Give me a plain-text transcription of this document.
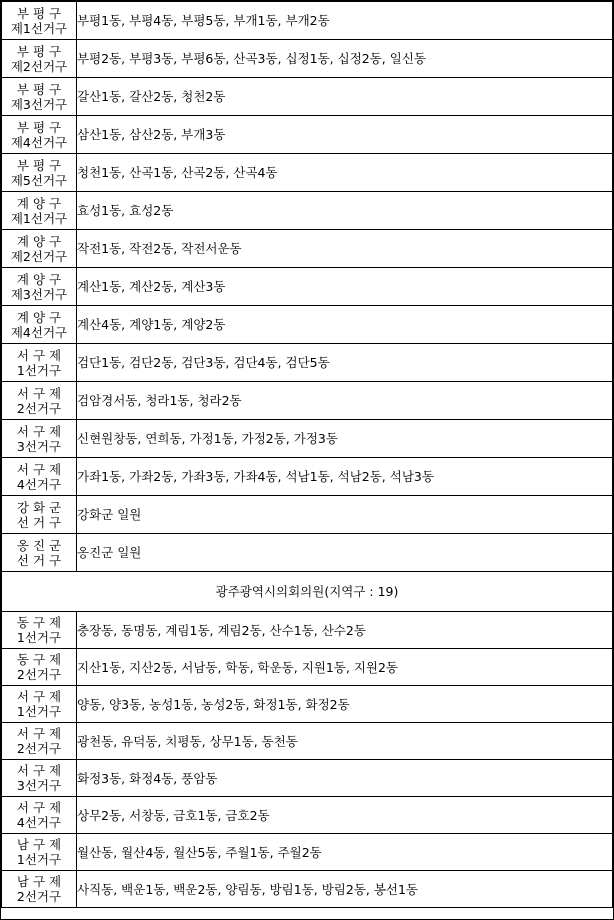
부 평 구
제1선거구	부평1동, 부평4동, 부평5동, 부개1동, 부개2동
부 평 구
제2선거구	부평2동, 부평3동, 부평6동, 산곡3동, 십정1동, 십정2동, 일신동
부 평 구
제3선거구	갈산1동, 갈산2동, 청천2동
부 평 구
제4선거구	삼산1동, 삼산2동, 부개3동
부 평 구
제5선거구	청천1동, 산곡1동, 산곡2동, 산곡4동
계 양 구
제1선거구	효성1동, 효성2동
계 양 구
제2선거구	작전1동, 작전2동, 작전서운동
계 양 구
제3선거구	계산1동, 계산2동, 계산3동
계 양 구
제4선거구	계산4동, 계양1동, 계양2동
서 구 제
1선거구	검단1동, 검단2동, 검단3동, 검단4동, 검단5동
서 구 제
2선거구	검암경서동, 청라1동, 청라2동
서 구 제
3선거구	신현원창동, 연희동, 가정1동, 가정2동, 가정3동
서 구 제
4선거구	가좌1동, 가좌2동, 가좌3동, 가좌4동, 석남1동, 석남2동, 석남3동
강 화 군
선 거 구	강화군 일원
옹 진 군
선 거 구	옹진군 일원
광주광역시의회의원(지역구 : 19)	
동 구 제
1선거구	충장동, 동명동, 계림1동, 계림2동, 산수1동, 산수2동
동 구 제
2선거구	지산1동, 지산2동, 서남동, 학동, 학운동, 지원1동, 지원2동
서 구 제
1선거구	양동, 양3동, 농성1동, 농성2동, 화정1동, 화정2동
서 구 제
2선거구	광천동, 유덕동, 치평동, 상무1동, 동천동
서 구 제
3선거구	화정3동, 화정4동, 풍암동
서 구 제
4선거구	상무2동, 서창동, 금호1동, 금호2동
남 구 제
1선거구	월산동, 월산4동, 월산5동, 주월1동, 주월2동
남 구 제
2선거구	사직동, 백운1동, 백운2동, 양림동, 방림1동, 방림2동, 봉선1동
